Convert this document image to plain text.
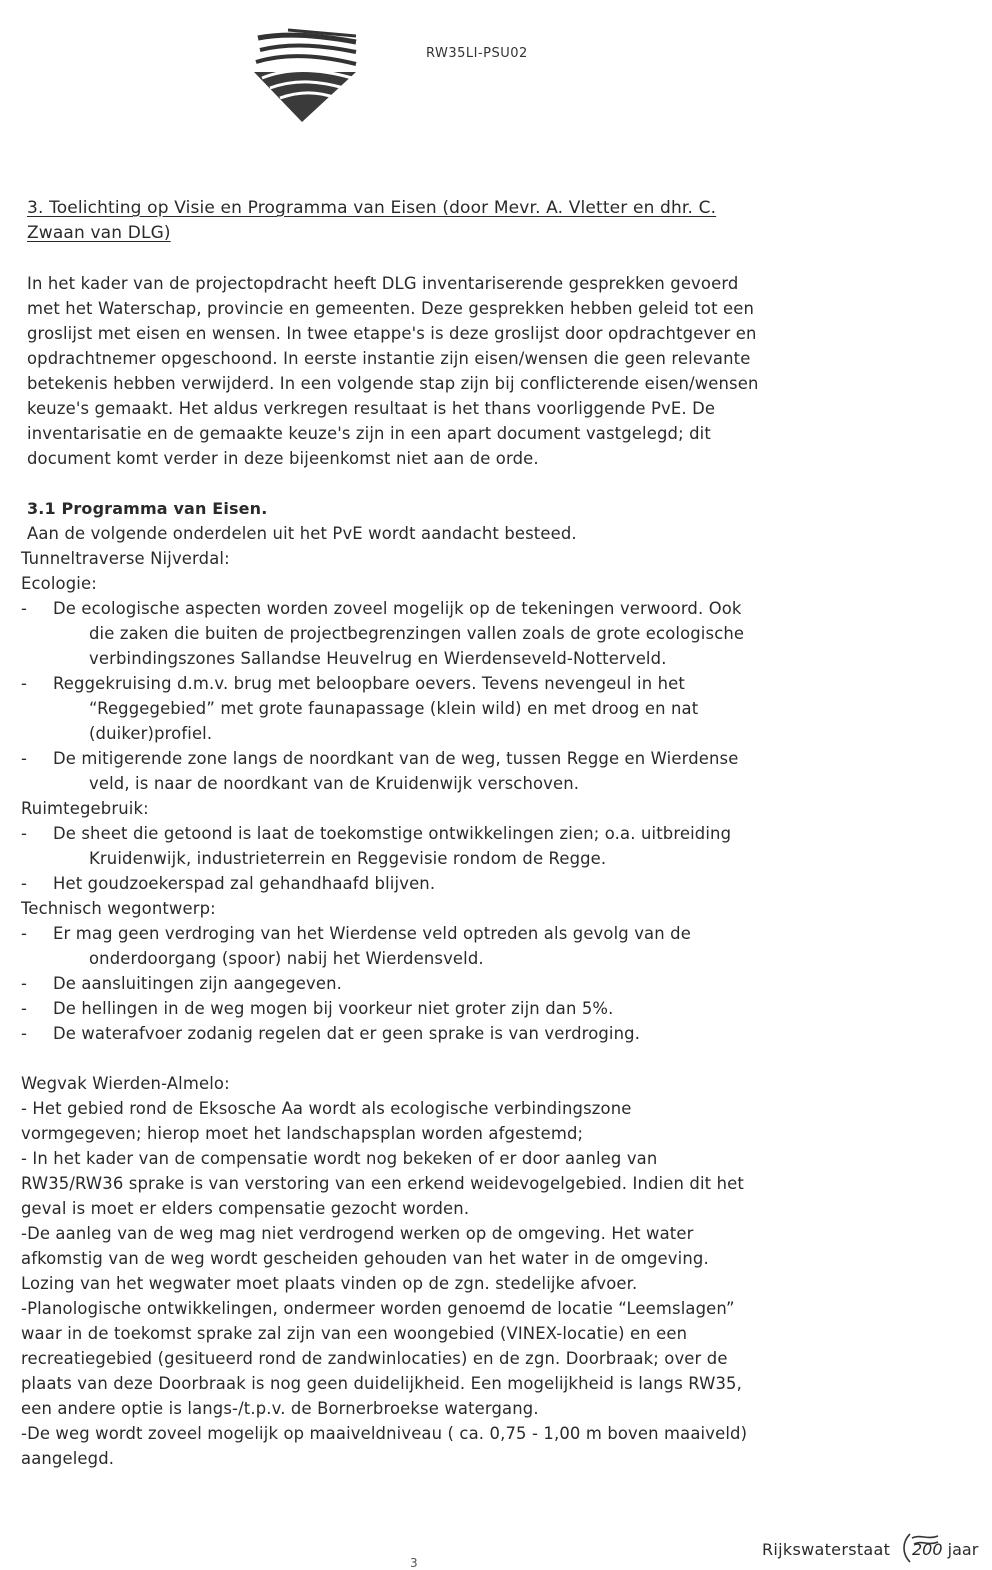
RW35LI-PSU02
3. Toelichting op Visie en Programma van Eisen (door Mevr. A. Vletter en dhr. C.
Zwaan van DLG)
In het kader van de projectopdracht heeft DLG inventariserende gesprekken gevoerd
met het Waterschap, provincie en gemeenten. Deze gesprekken hebben geleid tot een
groslijst met eisen en wensen. In twee etappe's is deze groslijst door opdrachtgever en
opdrachtnemer opgeschoond. In eerste instantie zijn eisen/wensen die geen relevante
betekenis hebben verwijderd. In een volgende stap zijn bij conflicterende eisen/wensen
keuze's gemaakt. Het aldus verkregen resultaat is het thans voorliggende PvE. De
inventarisatie en de gemaakte keuze's zijn in een apart document vastgelegd; dit
document komt verder in deze bijeenkomst niet aan de orde.
3.1 Programma van Eisen.
Aan de volgende onderdelen uit het PvE wordt aandacht besteed.
Tunneltraverse Nijverdal:
Ecologie:
-	De ecologische aspecten worden zoveel mogelijk op de tekeningen verwoord. Ook
die zaken die buiten de projectbegrenzingen vallen zoals de grote ecologische
verbindingszones Sallandse Heuvelrug en Wierdenseveld-Notterveld.
-	Reggekruising d.m.v. brug met beloopbare oevers. Tevens nevengeul in het
“Reggegebied” met grote faunapassage (klein wild) en met droog en nat
(duiker)profiel.
-	De mitigerende zone langs de noordkant van de weg, tussen Regge en Wierdense
veld, is naar de noordkant van de Kruidenwijk verschoven.
Ruimtegebruik:
-	De sheet die getoond is laat de toekomstige ontwikkelingen zien; o.a. uitbreiding
Kruidenwijk, industrieterrein en Reggevisie rondom de Regge.
-	Het goudzoekerspad zal gehandhaafd blijven.
Technisch wegontwerp:
-	Er mag geen verdroging van het Wierdense veld optreden als gevolg van de
onderdoorgang (spoor) nabij het Wierdensveld.
-	De aansluitingen zijn aangegeven.
-	De hellingen in de weg mogen bij voorkeur niet groter zijn dan 5%.
-	De waterafvoer zodanig regelen dat er geen sprake is van verdroging.
Wegvak Wierden-Almelo:
- Het gebied rond de Eksosche Aa wordt als ecologische verbindingszone
vormgegeven; hierop moet het landschapsplan worden afgestemd;
- In het kader van de compensatie wordt nog bekeken of er door aanleg van
RW35/RW36 sprake is van verstoring van een erkend weidevogelgebied. Indien dit het
geval is moet er elders compensatie gezocht worden.
-De aanleg van de weg mag niet verdrogend werken op de omgeving. Het water
afkomstig van de weg wordt gescheiden gehouden van het water in de omgeving.
Lozing van het wegwater moet plaats vinden op de zgn. stedelijke afvoer.
-Planologische ontwikkelingen, ondermeer worden genoemd de locatie “Leemslagen”
waar in de toekomst sprake zal zijn van een woongebied (VINEX-locatie) en een
recreatiegebied (gesitueerd rond de zandwinlocaties) en de zgn. Doorbraak; over de
plaats van deze Doorbraak is nog geen duidelijkheid. Een mogelijkheid is langs RW35,
een andere optie is langs-/t.p.v. de Bornerbroekse watergang.
-De weg wordt zoveel mogelijk op maaiveldniveau ( ca. 0,75 - 1,00 m boven maaiveld)
aangelegd.
Rijkswaterstaat 200 jaar
3
